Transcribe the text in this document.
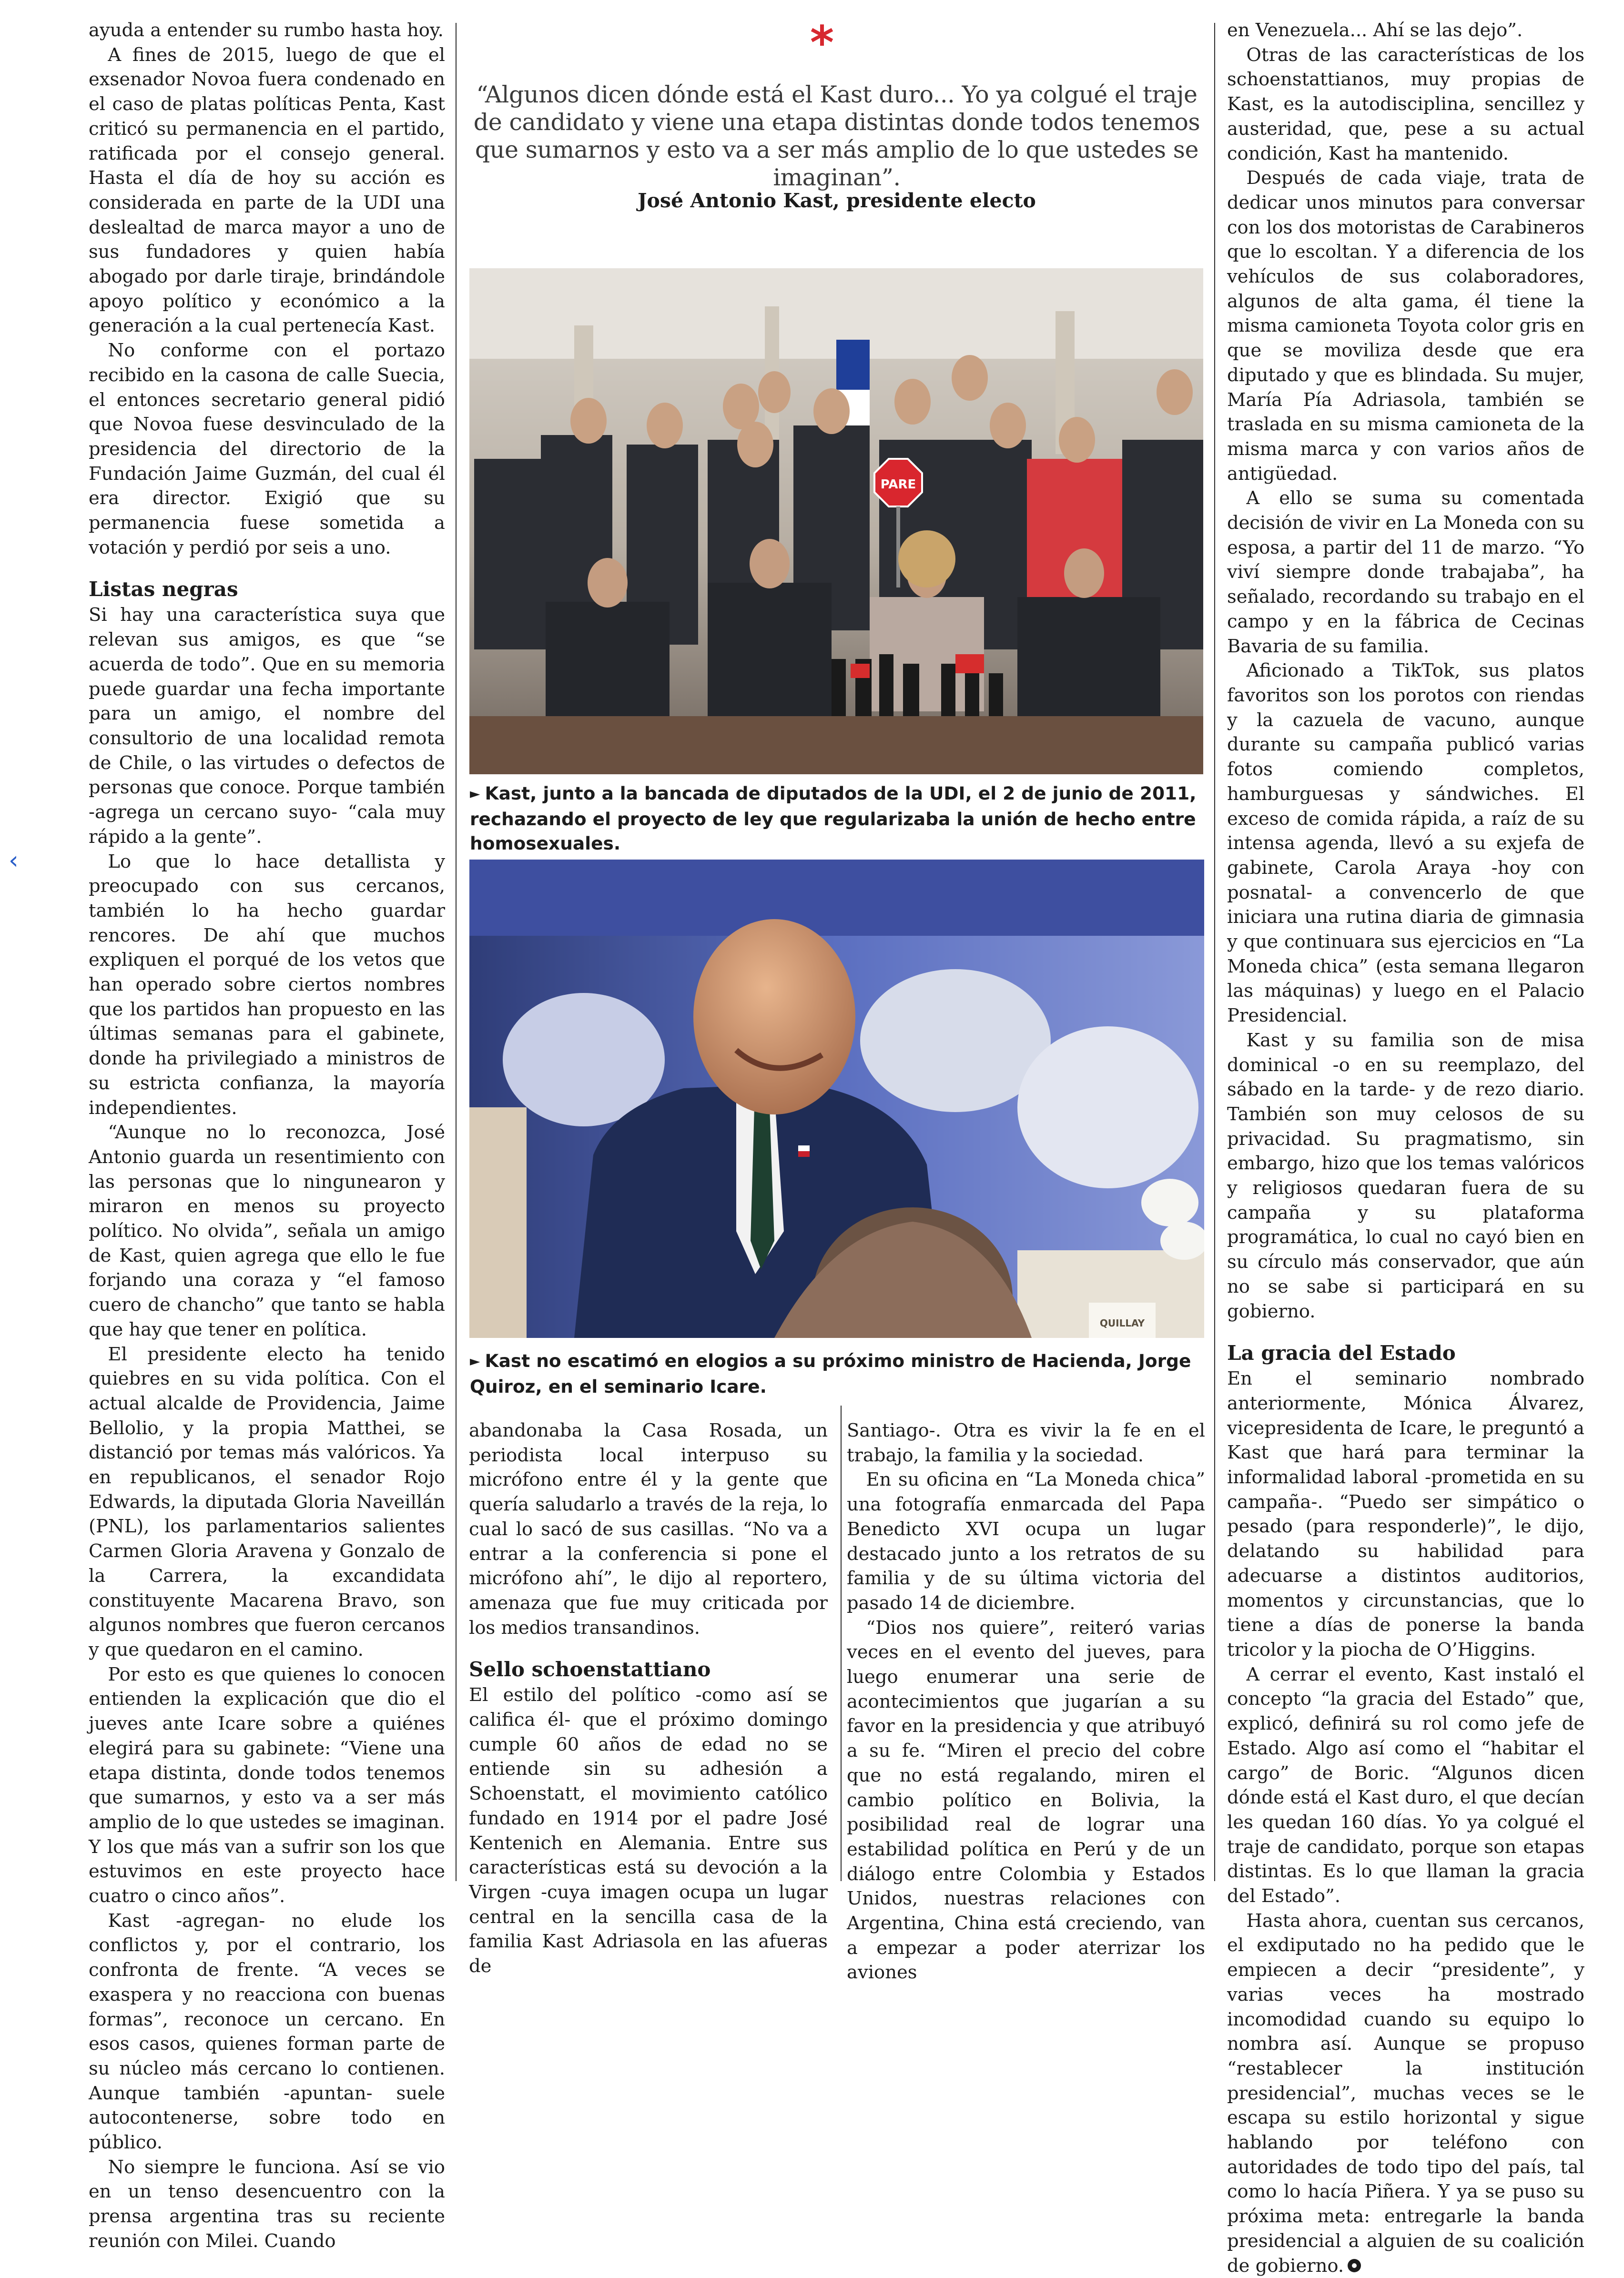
‹

ayuda a entender su rumbo hasta hoy.

A fines de 2015, luego de que el exsenador Novoa fuera condenado en el caso de platas políticas Penta, Kast criticó su permanencia en el partido, ratificada por el consejo general. Hasta el día de hoy su acción es considerada en parte de la UDI una deslealtad de marca mayor a uno de sus fundadores y quien había abogado por darle tiraje, brindándole apoyo político y económico a la generación a la cual pertenecía Kast.

No conforme con el portazo recibido en la casona de calle Suecia, el entonces secretario general pidió que Novoa fuese desvinculado de la presidencia del directorio de la Fundación Jaime Guzmán, del cual él era director. Exigió que su permanencia fuese sometida a votación y perdió por seis a uno.

Listas negras

Si hay una característica suya que relevan sus amigos, es que “se acuerda de todo”. Que en su memoria puede guardar una fecha importante para un amigo, el nombre del consultorio de una localidad remota de Chile, o las virtudes o defectos de personas que conoce. Porque también -agrega un cercano suyo- “cala muy rápido a la gente”.

Lo que lo hace detallista y preocupado con sus cercanos, también lo ha hecho guardar rencores. De ahí que muchos expliquen el porqué de los vetos que han operado sobre ciertos nombres que los partidos han propuesto en las últimas semanas para el gabinete, donde ha privilegiado a ministros de su estricta confianza, la mayoría independientes.

“Aunque no lo reconozca, José Antonio guarda un resentimiento con las personas que lo ningunearon y miraron en menos su proyecto político. No olvida”, señala un amigo de Kast, quien agrega que ello le fue forjando una coraza y “el famoso cuero de chancho” que tanto se habla que hay que tener en política.

El presidente electo ha tenido quiebres en su vida política. Con el actual alcalde de Providencia, Jaime Bellolio, y la propia Matthei, se distanció por temas más valóricos. Ya en republicanos, el senador Rojo Edwards, la diputada Gloria Naveillán (PNL), los parlamentarios salientes Carmen Gloria Aravena y Gonzalo de la Carrera, la excandidata constituyente Macarena Bravo, son algunos nombres que fueron cercanos y que quedaron en el camino.

Por esto es que quienes lo conocen entienden la explicación que dio el jueves ante Icare sobre a quiénes elegirá para su gabinete: “Viene una etapa distinta, donde todos tenemos que sumarnos, y esto va a ser más amplio de lo que ustedes se imaginan. Y los que más van a sufrir son los que estuvimos en este proyecto hace cuatro o cinco años”.

Kast -agregan- no elude los conflictos y, por el contrario, los confronta de frente. “A veces se exaspera y no reacciona con buenas formas”, reconoce un cercano. En esos casos, quienes forman parte de su núcleo más cercano lo contienen. Aunque también -apuntan- suele autocontenerse, sobre todo en público.

No siempre le funciona. Así se vio en un tenso desencuentro con la prensa argentina tras su reciente reunión con Milei. Cuando

*
“Algunos dicen dónde está el Kast duro... Yo ya colgué el traje de candidato y viene una etapa distintas donde todos tenemos que sumarnos y esto va a ser más amplio de lo que ustedes se imaginan”.
José Antonio Kast, presidente electo
PARE
► Kast, junto a la bancada de diputados de la UDI, el 2 de junio de 2011, rechazando el proyecto de ley que regularizaba la unión de hecho entre homosexuales.
QUILLAY
► Kast no escatimó en elogios a su próximo ministro de Hacienda, Jorge Quiroz, en el seminario Icare.

abandonaba la Casa Rosada, un periodista local interpuso su micrófono entre él y la gente que quería saludarlo a través de la reja, lo cual lo sacó de sus casillas. “No va a entrar a la conferencia si pone el micrófono ahí”, le dijo al reportero, amenaza que fue muy criticada por los medios transandinos.

Sello schoenstattiano

El estilo del político -como así se califica él- que el próximo domingo cumple 60 años de edad no se entiende sin su adhesión a Schoenstatt, el movimiento católico fundado en 1914 por el padre José Kentenich en Alemania. Entre sus características está su devoción a la Virgen -cuya imagen ocupa un lugar central en la sencilla casa de la familia Kast Adriasola en las afueras de

Santiago-. Otra es vivir la fe en el trabajo, la familia y la sociedad.

En su oficina en “La Moneda chica” una fotografía enmarcada del Papa Benedicto XVI ocupa un lugar destacado junto a los retratos de su familia y de su última victoria del pasado 14 de diciembre.

“Dios nos quiere”, reiteró varias veces en el evento del jueves, para luego enumerar una serie de acontecimientos que jugarían a su favor en la presidencia y que atribuyó a su fe. “Miren el precio del cobre que no está regalando, miren el cambio político en Bolivia, la posibilidad real de lograr una estabilidad política en Perú y de un diálogo entre Colombia y Estados Unidos, nuestras relaciones con Argentina, China está creciendo, van a empezar a poder aterrizar los aviones

en Venezuela... Ahí se las dejo”.

Otras de las características de los schoenstattianos, muy propias de Kast, es la autodisciplina, sencillez y austeridad, que, pese a su actual condición, Kast ha mantenido.

Después de cada viaje, trata de dedicar unos minutos para conversar con los dos motoristas de Carabineros que lo escoltan. Y a diferencia de los vehículos de sus colaboradores, algunos de alta gama, él tiene la misma camioneta Toyota color gris en que se moviliza desde que era diputado y que es blindada. Su mujer, María Pía Adriasola, también se traslada en su misma camioneta de la misma marca y con varios años de antigüedad.

A ello se suma su comentada decisión de vivir en La Moneda con su esposa, a partir del 11 de marzo. “Yo viví siempre donde trabajaba”, ha señalado, recordando su trabajo en el campo y en la fábrica de Cecinas Bavaria de su familia.

Aficionado a TikTok, sus platos favoritos son los porotos con riendas y la cazuela de vacuno, aunque durante su campaña publicó varias fotos comiendo completos, hamburguesas y sándwiches. El exceso de comida rápida, a raíz de su intensa agenda, llevó a su exjefa de gabinete, Carola Araya -hoy con posnatal- a convencerlo de que iniciara una rutina diaria de gimnasia y que continuara sus ejercicios en “La Moneda chica” (esta semana llegaron las máquinas) y luego en el Palacio Presidencial.

Kast y su familia son de misa dominical -o en su reemplazo, del sábado en la tarde- y de rezo diario. También son muy celosos de su privacidad. Su pragmatismo, sin embargo, hizo que los temas valóricos y religiosos quedaran fuera de su campaña y su plataforma programática, lo cual no cayó bien en su círculo más conservador, que aún no se sabe si participará en su gobierno.

La gracia del Estado

En el seminario nombrado anteriormente, Mónica Álvarez, vicepresidenta de Icare, le preguntó a Kast que hará para terminar la informalidad laboral -prometida en su campaña-. “Puedo ser simpático o pesado (para responderle)”, le dijo, delatando su habilidad para adecuarse a distintos auditorios, momentos y circunstancias, que lo tiene a días de ponerse la banda tricolor y la piocha de O’Higgins.

A cerrar el evento, Kast instaló el concepto “la gracia del Estado” que, explicó, definirá su rol como jefe de Estado. Algo así como el “habitar el cargo” de Boric. “Algunos dicen dónde está el Kast duro, el que decían les quedan 160 días. Yo ya colgué el traje de candidato, porque son etapas distintas. Es lo que llaman la gracia del Estado”.

Hasta ahora, cuentan sus cercanos, el exdiputado no ha pedido que le empiecen a decir “presidente”, y varias veces ha mostrado incomodidad cuando su equipo lo nombra así. Aunque se propuso “restablecer la institución presidencial”, muchas veces se le escapa su estilo horizontal y sigue hablando por teléfono con autoridades de todo tipo del país, tal como lo hacía Piñera. Y ya se puso su próxima meta: entregarle la banda presidencial a alguien de su coalición de gobierno.
